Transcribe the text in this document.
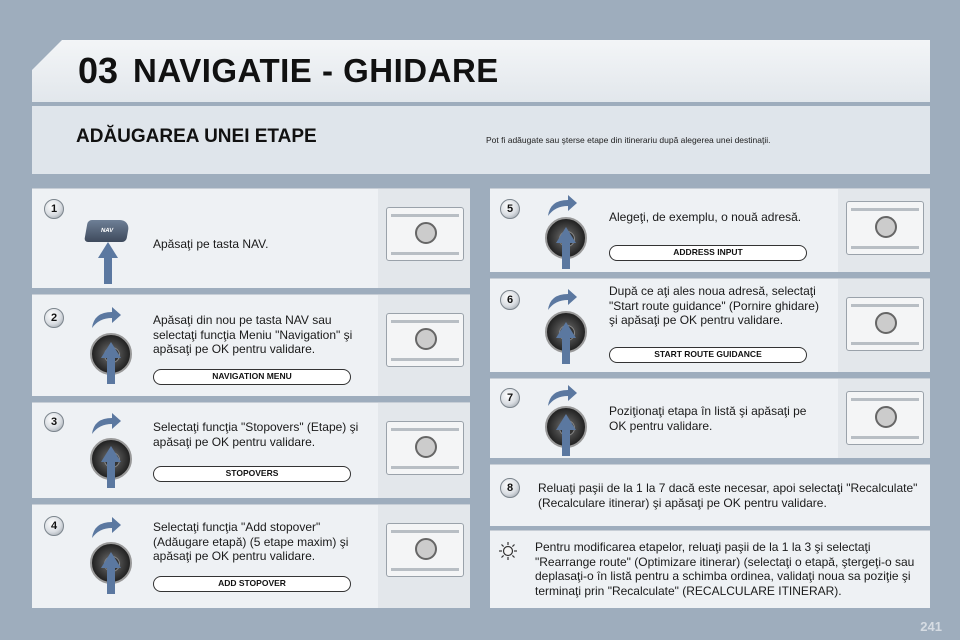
03 NAVIGATIE - GHIDARE
ADĂUGAREA UNEI ETAPE	Pot fi adăugate sau şterse etape din itinerariu după alegerea unei destinaţii.
1
NAV
Apăsaţi pe tasta NAV.
2	Apăsaţi din nou pe tasta NAV sau selectaţi funcţia Meniu "Navigation" şi apăsaţi pe OK pentru validare.
NAVIGATION MENU
3	Selectaţi funcţia "Stopovers" (Etape) şi apăsaţi pe OK pentru validare.
STOPOVERS
4	Selectaţi funcţia "Add stopover" (Adăugare etapă) (5 etape maxim) şi apăsaţi pe OK pentru validare.
ADD STOPOVER
5
Alegeţi, de exemplu, o nouă adresă.
ADDRESS INPUT
6
După ce aţi ales noua adresă, selectaţi "Start route guidance" (Pornire ghidare) şi apăsaţi pe OK pentru validare.
START ROUTE GUIDANCE
7
Poziţionaţi etapa în listă şi apăsaţi pe OK pentru validare.
8	Reluaţi paşii de la 1 la 7 dacă este necesar, apoi selectaţi "Recalculate" (Recalculare itinerar) şi apăsaţi pe OK pentru validare.
Pentru modificarea etapelor, reluaţi paşii de la 1 la 3 şi selectaţi "Rearrange route" (Optimizare itinerar) (selectaţi o etapă, ştergeţi-o sau deplasaţi-o în listă pentru a schimba ordinea, validaţi noua sa poziţie şi terminaţi prin "Recalculate" (RECALCULARE ITINERAR).
241
